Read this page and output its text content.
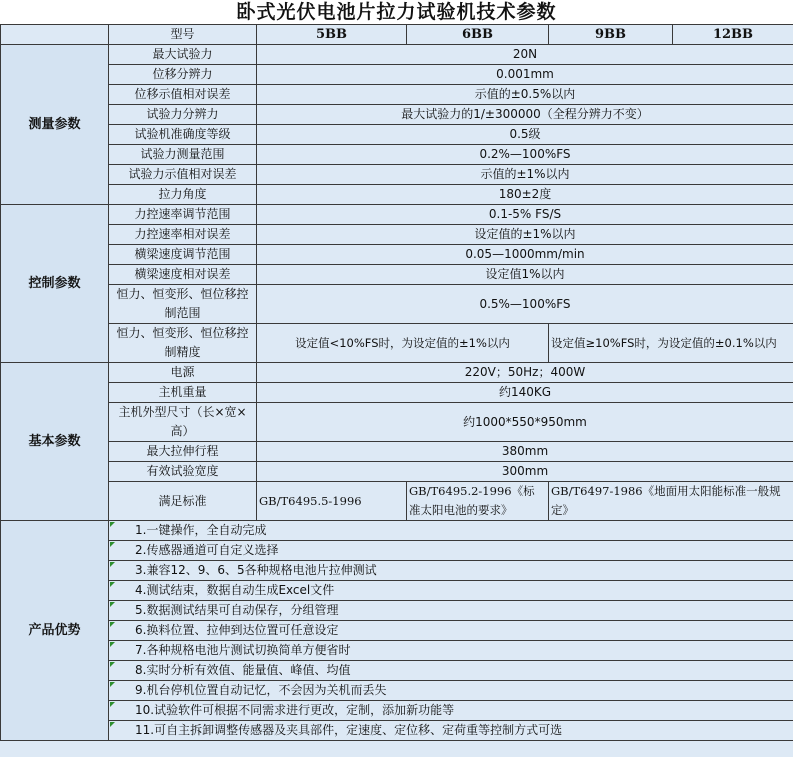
卧式光伏电池片拉力试验机技术参数
	型号	5BB	6BB	9BB	12BB
测量参数	最大试验力	20N			
	位移分辨力	0.001mm			
	位移示值相对误差	示值的±0.5%以内			
	试验力分辨力	最大试验力的1/±300000（全程分辨力不变）			
	试验机准确度等级	0.5级			
	试验力测量范围	0.2%—100%FS			
	试验力示值相对误差	示值的±1%以内			
	拉力角度	180±2度			
控制参数	力控速率调节范围	0.1-5% FS/S			
	力控速率相对误差	设定值的±1%以内			
	横梁速度调节范围	0.05—1000mm/min			
	横梁速度相对误差	设定值1%以内			
	恒力、恒变形、恒位移控制范围	0.5%—100%FS			
	恒力、恒变形、恒位移控制精度	设定值<10%FS时，为设定值的±1%以内		设定值≥10%FS时，为设定值的±0.1%以内	
基本参数	电源	220V；50Hz；400W			
	主机重量	约140KG			
	主机外型尺寸（长×宽×高）	约1000*550*950mm			
	最大拉伸行程	380mm			
	有效试验宽度	300mm			
	满足标准	GB/T6495.5-1996	GB/T6495.2-1996《标准太阳电池的要求》	GB/T6497-1986《地面用太阳能标准一般规定》	
产品优势	1.一键操作，全自动完成				

2.传感器通道可自定义选择				

3.兼容12、9、6、5各种规格电池片拉伸测试				

4.测试结束，数据自动生成Excel文件				

5.数据测试结果可自动保存，分组管理				

6.换料位置、拉伸到达位置可任意设定				

7.各种规格电池片测试切换简单方便省时				

8.实时分析有效值、能量值、峰值、均值				

9.机台停机位置自动记忆，不会因为关机而丢失				

10.试验软件可根据不同需求进行更改，定制，添加新功能等				

11.可自主拆卸调整传感器及夹具部件，定速度、定位移、定荷重等控制方式可选				
